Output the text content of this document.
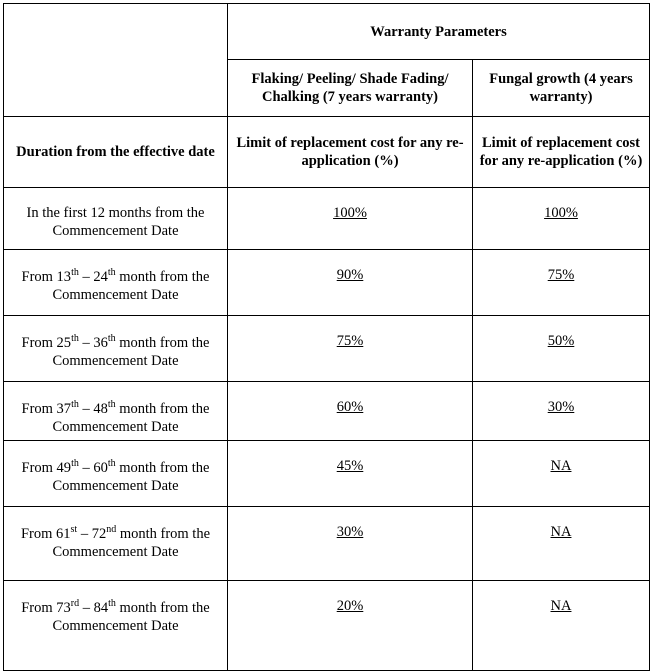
	Warranty Parameters	
	Flaking/ Peeling/ Shade Fading/ Chalking (7 years warranty)	Fungal growth (4 years warranty)
Duration from the effective date	Limit of replacement cost for any re-application (%)	Limit of replacement cost for any re-application (%)
In the first 12 months from the Commencement Date	100%	100%
From 13th – 24th month from the Commencement Date	90%	75%
From 25th – 36th month from the Commencement Date	75%	50%
From 37th – 48th month from the Commencement Date	60%	30%
From 49th – 60th month from the Commencement Date	45%	NA
From 61st – 72nd month from the Commencement Date	30%	NA
From 73rd – 84th month from the Commencement Date	20%	NA
